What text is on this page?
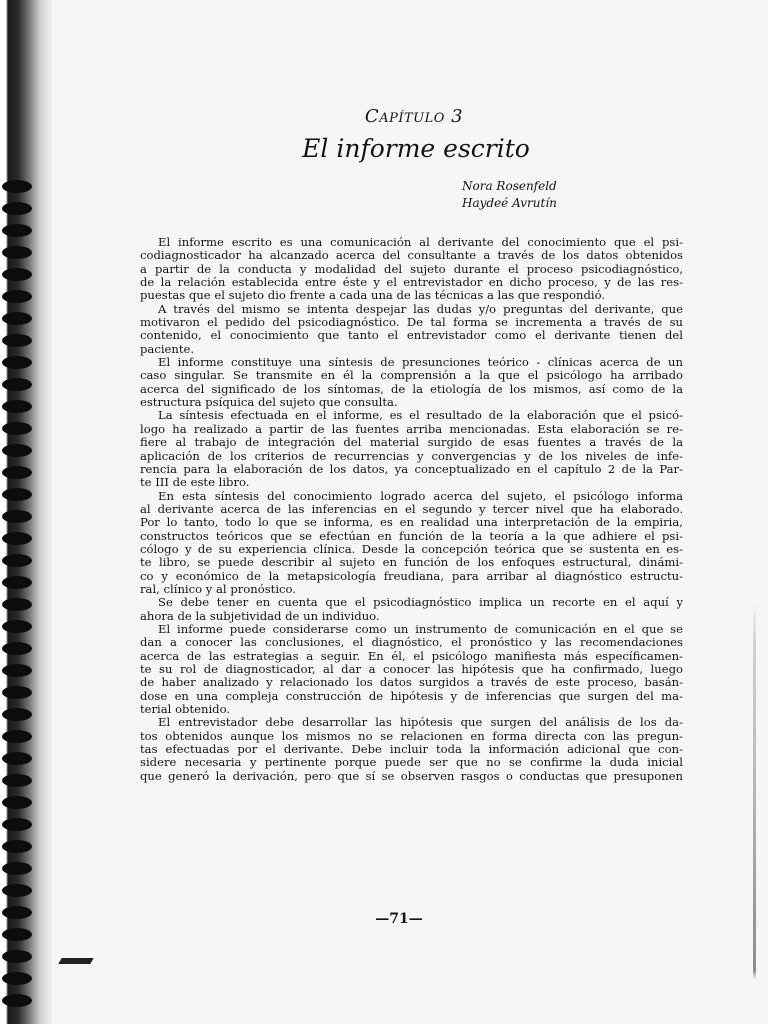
Capítulo 3
El informe escrito
Nora Rosenfeld
Haydeé Avrutín
El informe escrito es una comunicación al derivante del conocimiento que el psi-
codiagnosticador ha alcanzado acerca del consultante a través de los datos obtenidos
a partir de la conducta y modalidad del sujeto durante el proceso psicodiagnóstico,
de la relación establecida entre éste y el entrevistador en dicho proceso, y de las res-
puestas que el sujeto dio frente a cada una de las técnicas a las que respondió.
A través del mismo se intenta despejar las dudas y/o preguntas del derivante, que
motivaron el pedido del psicodiagnóstico. De tal forma se incrementa a través de su
contenido, el conocimiento que tanto el entrevistador como el derivante tienen del
paciente.
El informe constituye una síntesis de presunciones teórico - clínicas acerca de un
caso singular. Se transmite en él la comprensión a la que el psicólogo ha arribado
acerca del significado de los síntomas, de la etiología de los mismos, así como de la
estructura psíquica del sujeto que consulta.
La síntesis efectuada en el informe, es el resultado de la elaboración que el psicó-
logo ha realizado a partir de las fuentes arriba mencionadas. Esta elaboración se re-
fiere al trabajo de integración del material surgido de esas fuentes a través de la
aplicación de los criterios de recurrencias y convergencias y de los niveles de infe-
rencia para la elaboración de los datos, ya conceptualizado en el capítulo 2 de la Par-
te III de este libro.
En esta síntesis del conocimiento logrado acerca del sujeto, el psicólogo informa
al derivante acerca de las inferencias en el segundo y tercer nivel que ha elaborado.
Por lo tanto, todo lo que se informa, es en realidad una interpretación de la empiria,
constructos teóricos que se efectúan en función de la teoría a la que adhiere el psi-
cólogo y de su experiencia clínica. Desde la concepción teórica que se sustenta en es-
te libro, se puede describir al sujeto en función de los enfoques estructural, dinámi-
co y económico de la metapsicología freudiana, para arribar al diagnóstico estructu-
ral, clínico y al pronóstico.
Se debe tener en cuenta que el psicodiagnóstico implica un recorte en el aquí y
ahora de la subjetividad de un individuo.
El informe puede considerarse como un instrumento de comunicación en el que se
dan a conocer las conclusiones, el diagnóstico, el pronóstico y las recomendaciones
acerca de las estrategias a seguir. En él, el psicólogo manifiesta más específicamen-
te su rol de diagnosticador, al dar a conocer las hipótesis que ha confirmado, luego
de haber analizado y relacionado los datos surgidos a través de este proceso, basán-
dose en una compleja construcción de hipótesis y de inferencias que surgen del ma-
terial obtenido.
El entrevistador debe desarrollar las hipótesis que surgen del análisis de los da-
tos obtenidos aunque los mismos no se relacionen en forma directa con las pregun-
tas efectuadas por el derivante. Debe incluir toda la información adicional que con-
sidere necesaria y pertinente porque puede ser que no se confirme la duda inicial
que generó la derivación, pero que sí se observen rasgos o conductas que presuponen
—71—
